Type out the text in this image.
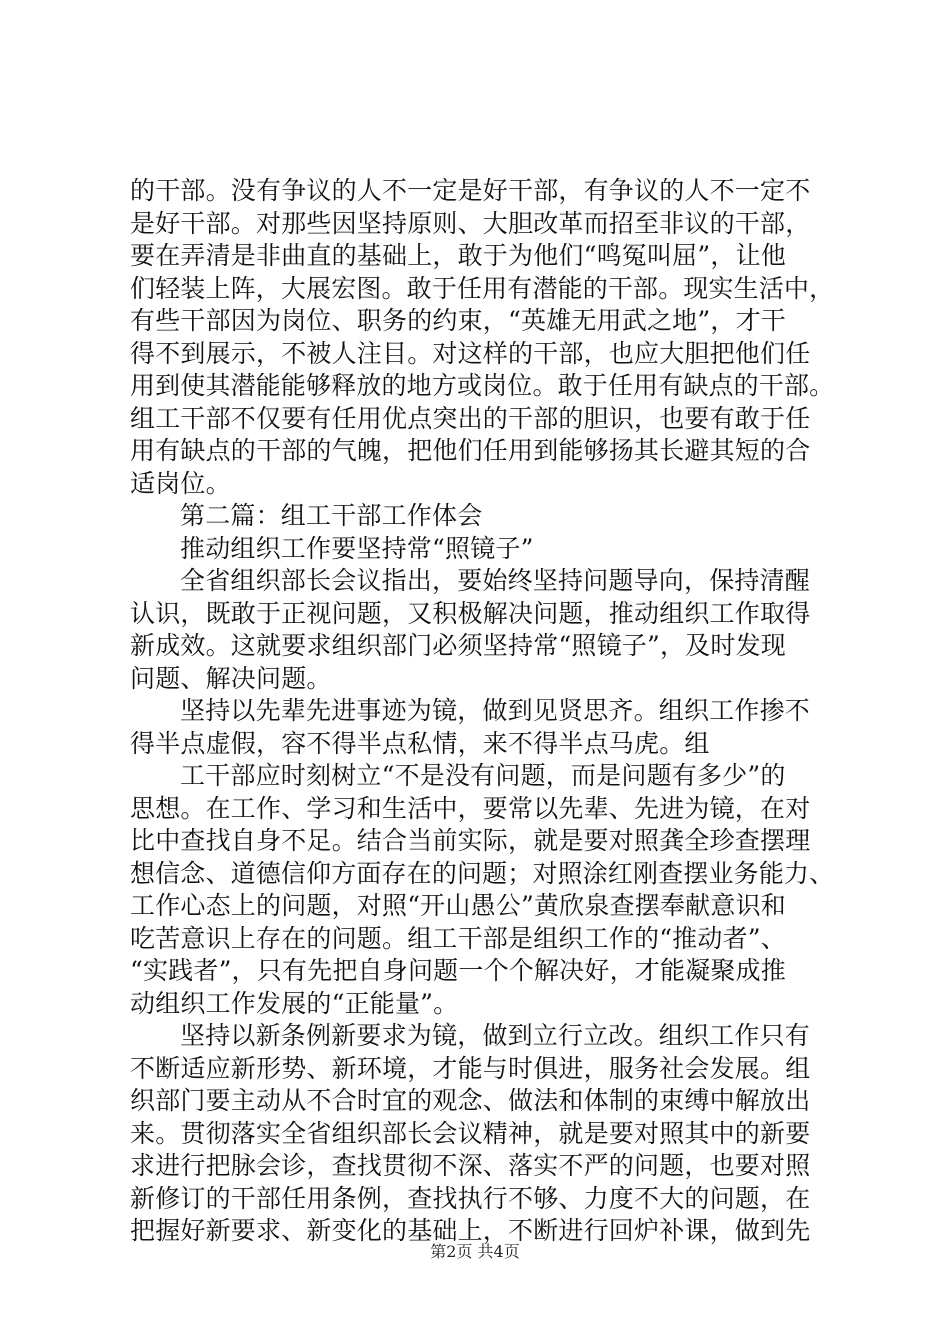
的干部。没有争议的人不一定是好干部，有争议的人不一定不
是好干部。对那些因坚持原则、大胆改革而招至非议的干部，
要在弄清是非曲直的基础上，敢于为他们“鸣冤叫屈”，让他
们轻装上阵，大展宏图。敢于任用有潜能的干部。现实生活中，
有些干部因为岗位、职务的约束，“英雄无用武之地”，才干
得不到展示，不被人注目。对这样的干部，也应大胆把他们任
用到使其潜能能够释放的地方或岗位。敢于任用有缺点的干部。
组工干部不仅要有任用优点突出的干部的胆识，也要有敢于任
用有缺点的干部的气魄，把他们任用到能够扬其长避其短的合
适岗位。
第二篇：组工干部工作体会
推动组织工作要坚持常“照镜子”
全省组织部长会议指出，要始终坚持问题导向，保持清醒
认识，既敢于正视问题，又积极解决问题，推动组织工作取得
新成效。这就要求组织部门必须坚持常“照镜子”，及时发现
问题、解决问题。
坚持以先辈先进事迹为镜，做到见贤思齐。组织工作掺不
得半点虚假，容不得半点私情，来不得半点马虎。组
工干部应时刻树立“不是没有问题，而是问题有多少”的
思想。在工作、学习和生活中，要常以先辈、先进为镜，在对
比中查找自身不足。结合当前实际，就是要对照龚全珍查摆理
想信念、道德信仰方面存在的问题；对照涂红刚查摆业务能力、
工作心态上的问题，对照“开山愚公”黄欣泉查摆奉献意识和
吃苦意识上存在的问题。组工干部是组织工作的“推动者”、
“实践者”，只有先把自身问题一个个解决好，才能凝聚成推
动组织工作发展的“正能量”。
坚持以新条例新要求为镜，做到立行立改。组织工作只有
不断适应新形势、新环境，才能与时俱进，服务社会发展。组
织部门要主动从不合时宜的观念、做法和体制的束缚中解放出
来。贯彻落实全省组织部长会议精神，就是要对照其中的新要
求进行把脉会诊，查找贯彻不深、落实不严的问题，也要对照
新修订的干部任用条例，查找执行不够、力度不大的问题，在
把握好新要求、新变化的基础上，不断进行回炉补课，做到先
第2页 共4页
